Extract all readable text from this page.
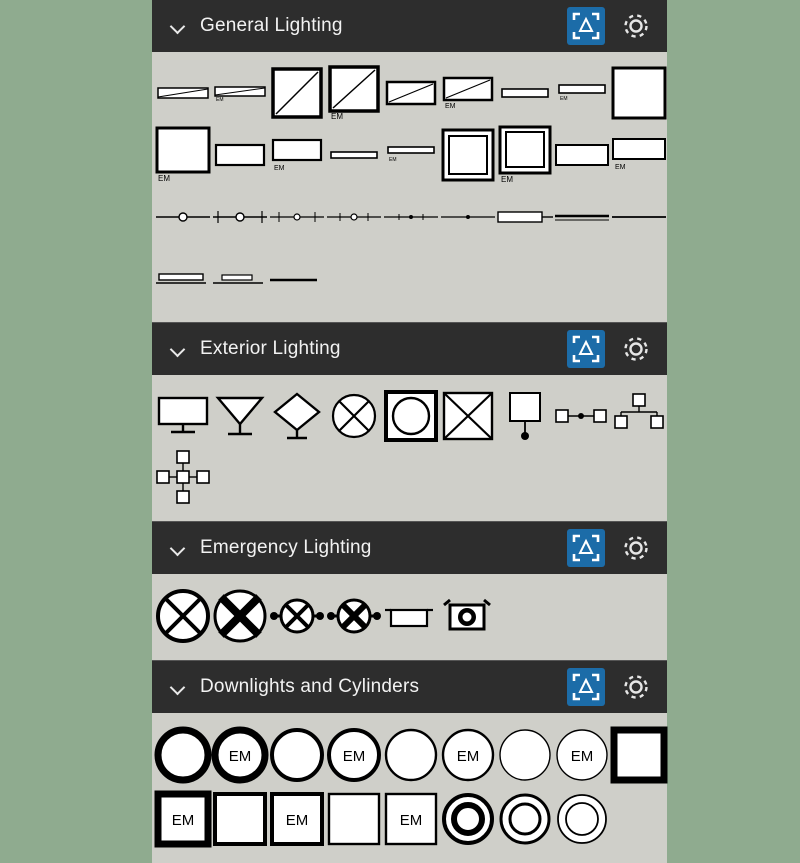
General Lighting
EM
EM
EM
EM
EM
EM
EM
EM
EM
Exterior Lighting
Emergency Lighting
Downlights and Cylinders
EM	EM	EM	EM
EM	EM	EM
